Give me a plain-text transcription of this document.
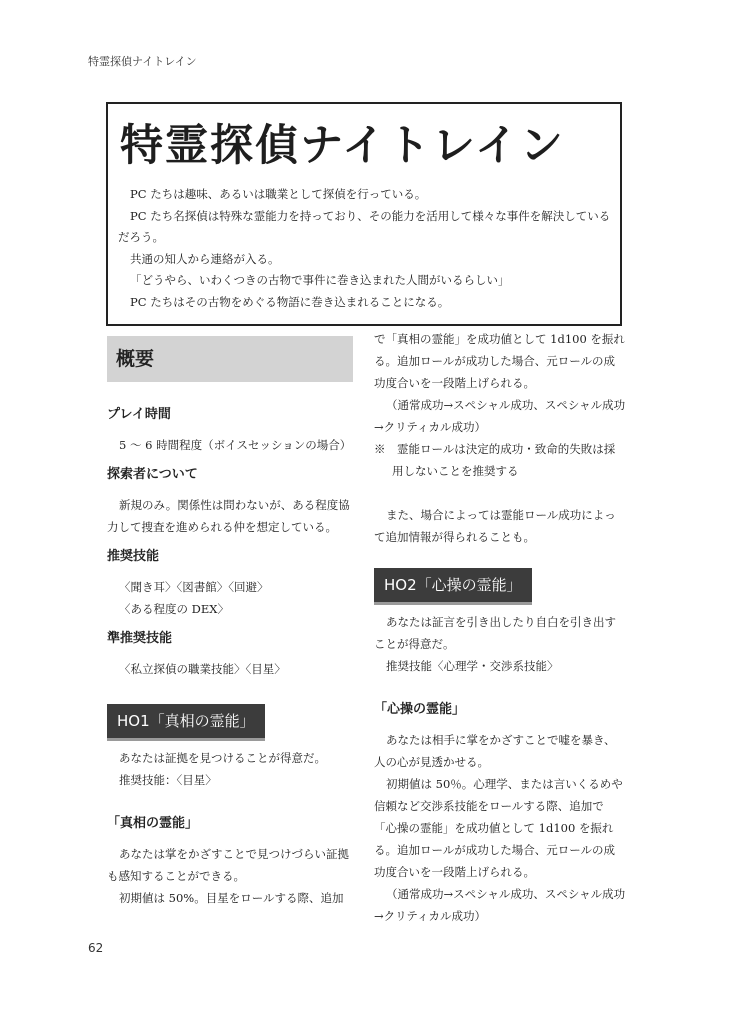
特霊探偵ナイトレイン
特霊探偵ナイトレイン

PC たちは趣味、あるいは職業として探偵を行っている。

PC たち名探偵は特殊な霊能力を持っており、その能力を活用して様々な事件を解決しているだろう。

共通の知人から連絡が入る。

「どうやら、いわくつきの古物で事件に巻き込まれた人間がいるらしい」

PC たちはその古物をめぐる物語に巻き込まれることになる。

概要

プレイ時間

5 ～ 6 時間程度（ボイスセッションの場合）

探索者について

新規のみ。関係性は問わないが、ある程度協力して捜査を進められる仲を想定している。

推奨技能

〈聞き耳〉〈図書館〉〈回避〉

〈ある程度の DEX〉

準推奨技能

〈私立探偵の職業技能〉〈目星〉

HO1「真相の霊能」

あなたは証拠を見つけることが得意だ。

推奨技能：〈目星〉

「真相の霊能」

あなたは掌をかざすことで見つけづらい証拠も感知することができる。

初期値は 50%。目星をロールする際、追加

で「真相の霊能」を成功値として 1d100 を振れる。追加ロールが成功した場合、元ロールの成功度合いを一段階上げられる。

（通常成功→スペシャル成功、スペシャル成功→クリティカル成功）

※　霊能ロールは決定的成功・致命的失敗は採用しないことを推奨する

また、場合によっては霊能ロール成功によって追加情報が得られることも。

HO2「心操の霊能」

あなたは証言を引き出したり自白を引き出すことが得意だ。

推奨技能〈心理学・交渉系技能〉

「心操の霊能」

あなたは相手に掌をかざすことで嘘を暴き、人の心が見透かせる。

初期値は 50％。心理学、または言いくるめや信頼など交渉系技能をロールする際、追加で「心操の霊能」を成功値として 1d100 を振れる。追加ロールが成功した場合、元ロールの成功度合いを一段階上げられる。

（通常成功→スペシャル成功、スペシャル成功→クリティカル成功）

62
